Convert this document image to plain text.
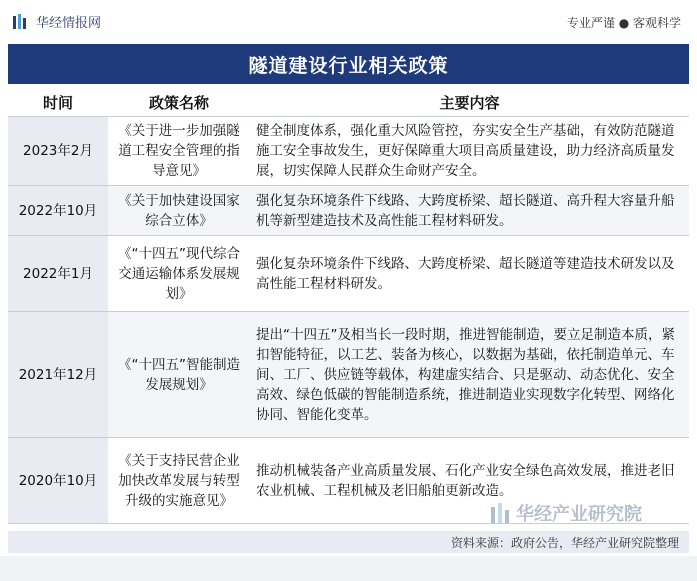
华经情报网	专业严谨 ● 客观科学
隧道建设行业相关政策
时间	政策名称	主要内容
2023年2月	《关于进一步加强隧道工程安全管理的指导意见》	健全制度体系，强化重大风险管控，夯实安全生产基础，有效防范隧道施工安全事故发生，更好保障重大项目高质量建设，助力经济高质量发展，切实保障人民群众生命财产安全。
2022年10月	《关于加快建设国家综合立体》	强化复杂环境条件下线路、大跨度桥梁、超长隧道、高升程大容量升船机等新型建造技术及高性能工程材料研发。
2022年1月	《“十四五”现代综合交通运输体系发展规划》	强化复杂环境条件下线路、大跨度桥梁、超长隧道等建造技术研发以及高性能工程材料研发。
2021年12月	《“十四五”智能制造发展规划》	提出“十四五”及相当长一段时期，推进智能制造，要立足制造本质，紧扣智能特征，以工艺、装备为核心，以数据为基础，依托制造单元、车间、工厂、供应链等载体，构建虚实结合、只是驱动、动态优化、安全高效、绿色低碳的智能制造系统，推进制造业实现数字化转型、网络化协同、智能化变革。
2020年10月	《关于支持民营企业加快改革发展与转型升级的实施意见》	推动机械装备产业高质量发展、石化产业安全绿色高效发展，推进老旧农业机械、工程机械及老旧船舶更新改造。
华经产业研究院
资料来源：政府公告，华经产业研究院整理
